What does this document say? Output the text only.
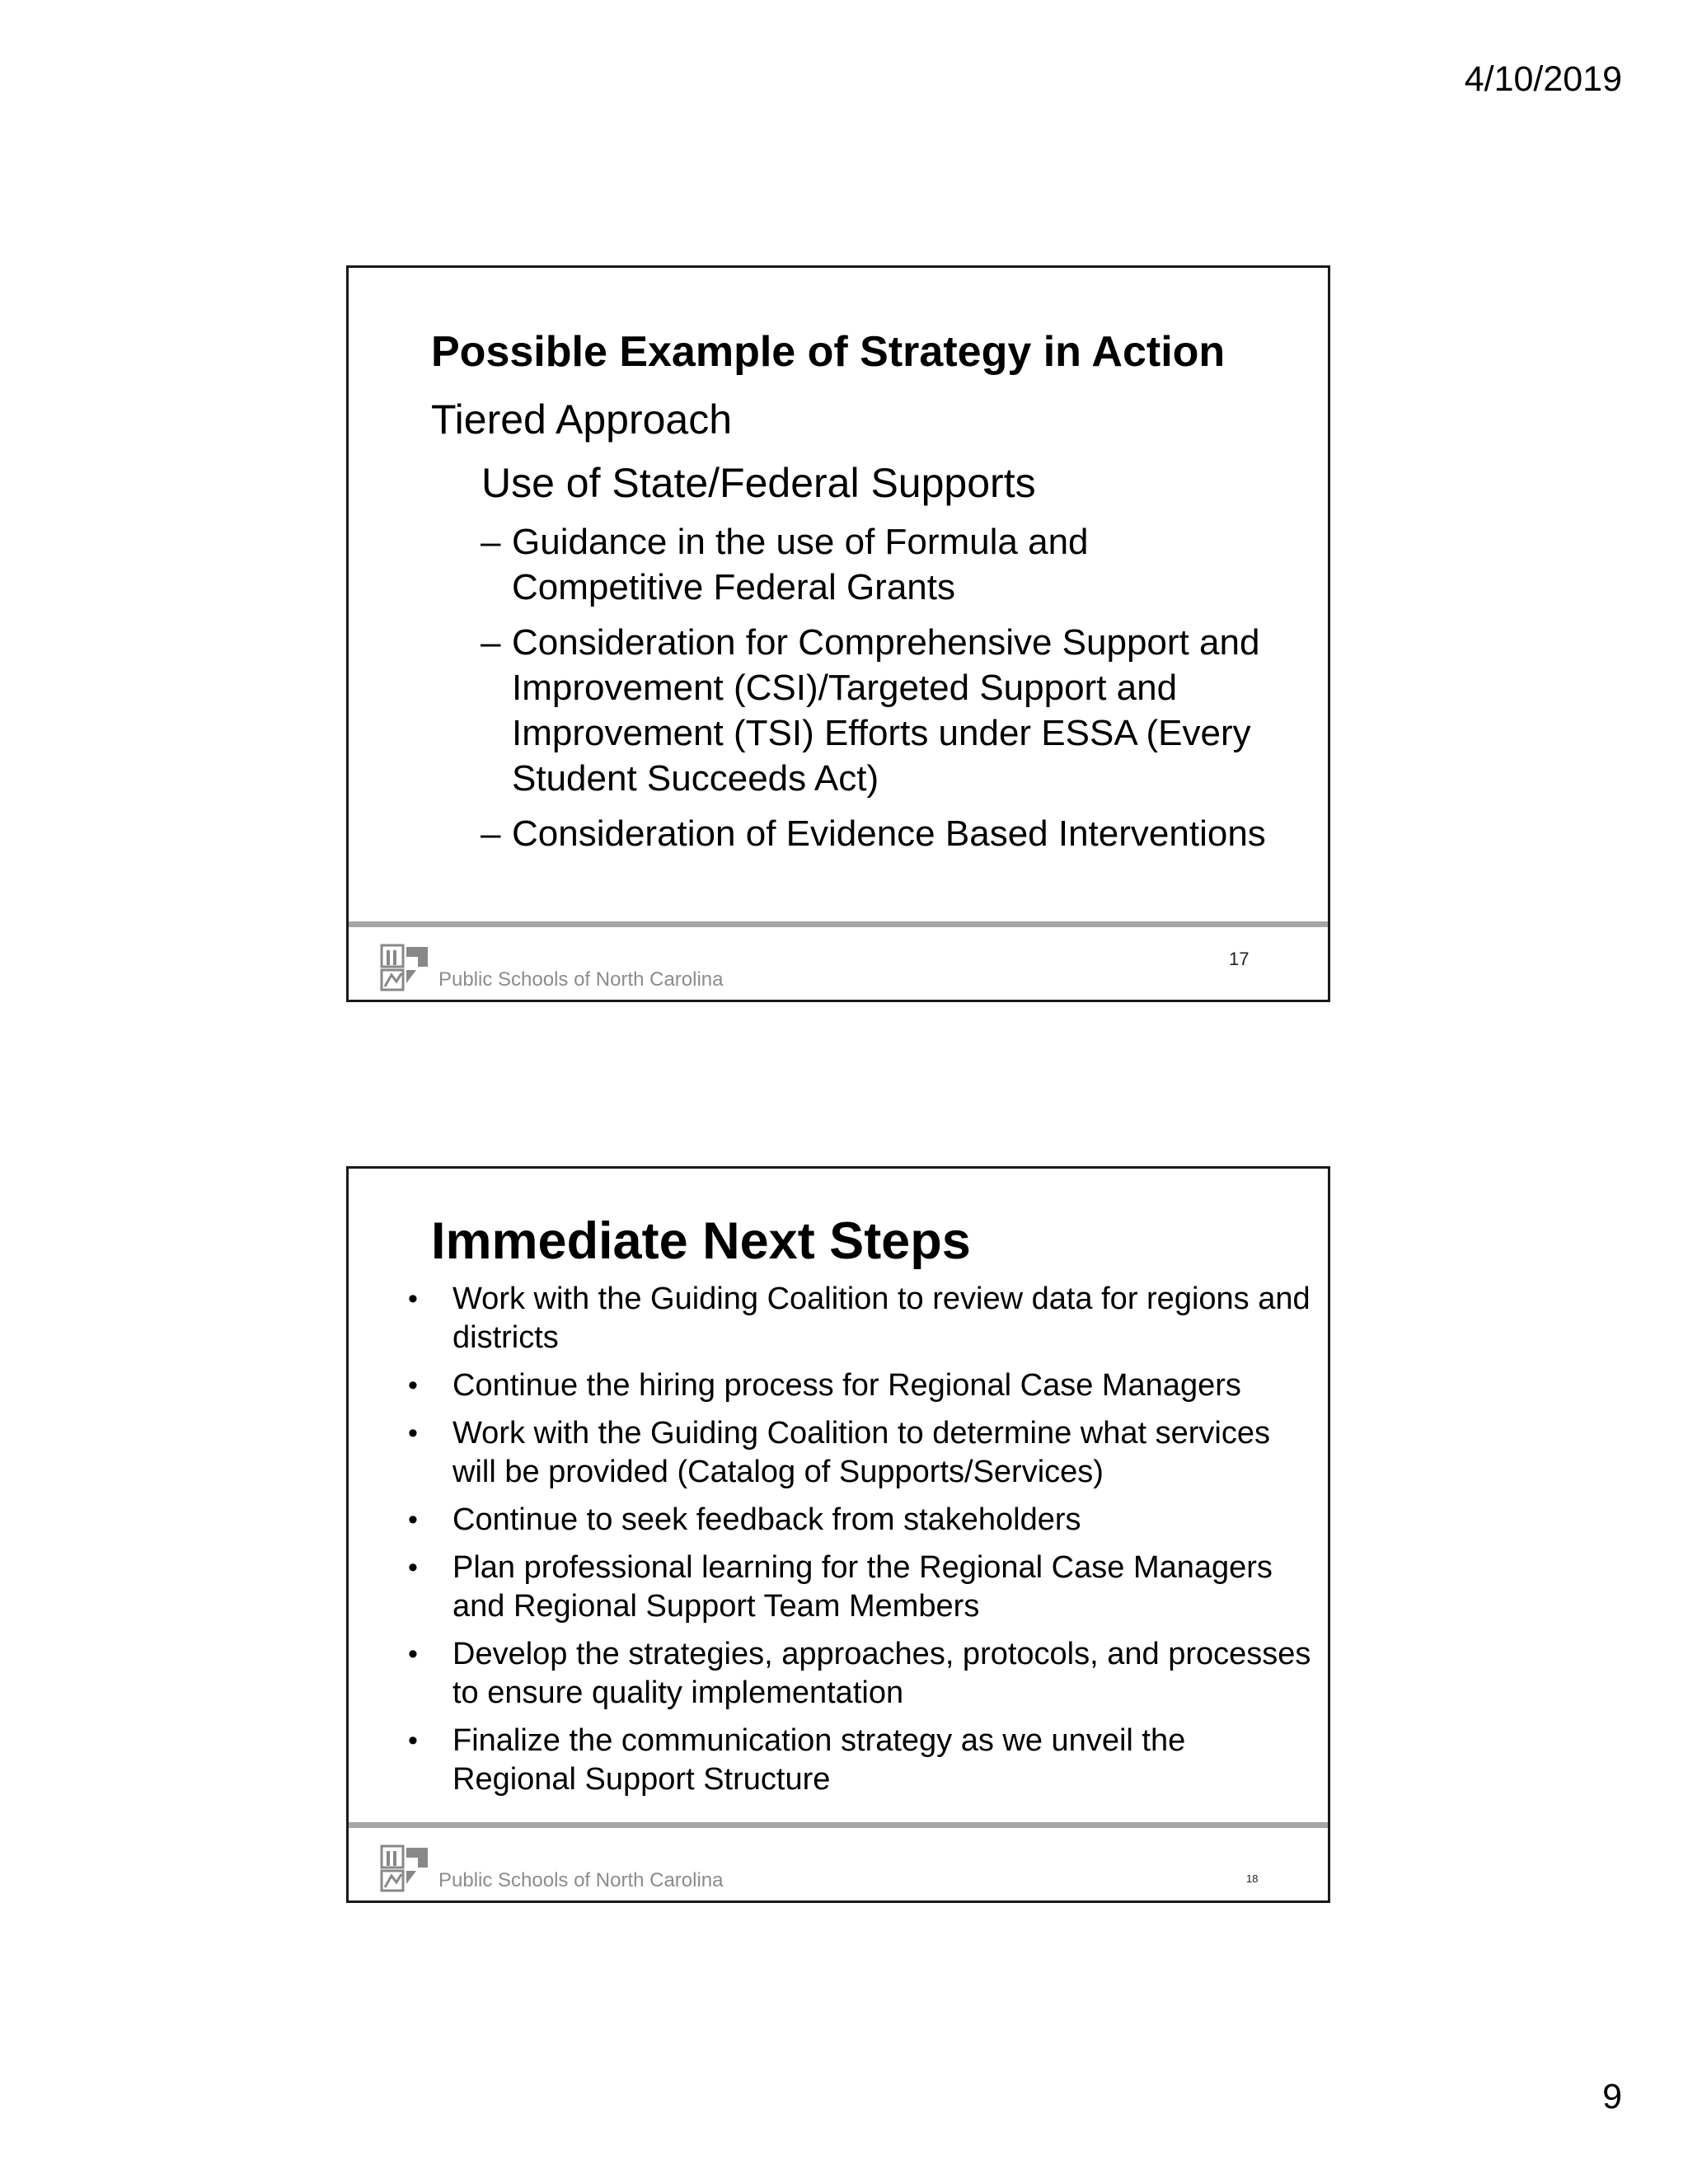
4/10/2019
Possible Example of Strategy in Action
Tiered Approach
Use of State/Federal Supports
– Guidance in the use of Formula and Competitive Federal Grants
– Consideration for Comprehensive Support and Improvement (CSI)/Targeted Support and Improvement (TSI) Efforts under ESSA (Every Student Succeeds Act)
– Consideration of Evidence Based Interventions
Public Schools of North Carolina
17
Immediate Next Steps
• Work with the Guiding Coalition to review data for regions and districts
• Continue the hiring process for Regional Case Managers
• Work with the Guiding Coalition to determine what services will be provided (Catalog of Supports/Services)
• Continue to seek feedback from stakeholders
• Plan professional learning for the Regional Case Managers and Regional Support Team Members
• Develop the strategies, approaches, protocols, and processes to ensure quality implementation
• Finalize the communication strategy as we unveil the Regional Support Structure
Public Schools of North Carolina	18
9
